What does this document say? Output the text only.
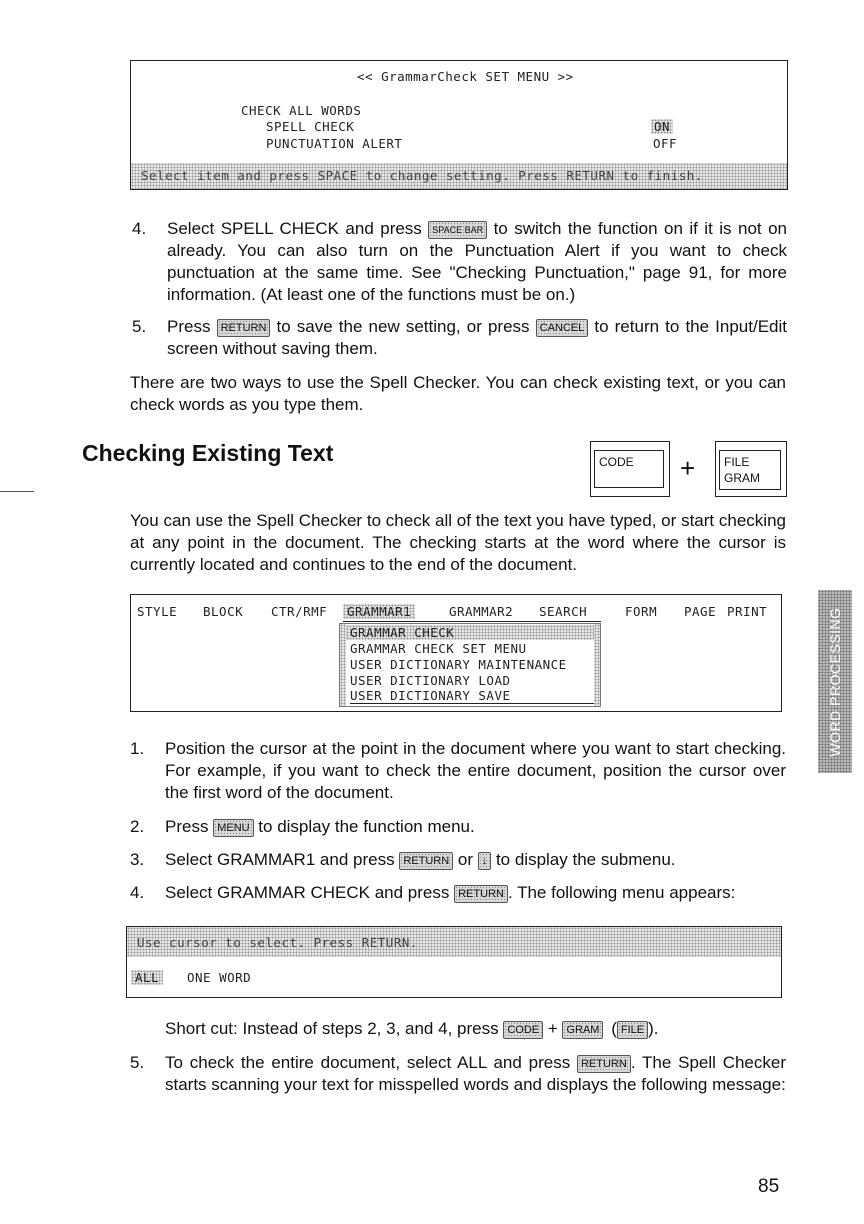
<< GrammarCheck SET MENU >>
CHECK ALL WORDS
SPELL CHECK	ON
PUNCTUATION ALERT	OFF
Select item and press SPACE to change setting. Press RETURN to finish.
4. Select SPELL CHECK and press SPACE BAR to switch the function on if it is not on already. You can also turn on the Punctuation Alert if you want to check punctuation at the same time. See "Checking Punctuation," page 91, for more information. (At least one of the functions must be on.)
5. Press RETURN to save the new setting, or press CANCEL to return to the Input/Edit screen without saving them.

There are two ways to use the Spell Checker. You can check existing text, or you can check words as you type them.

Checking Existing Text	CODE	+ FILE
GRAM

You can use the Spell Checker to check all of the text you have typed, or start checking at any point in the document. The checking starts at the word where the cursor is currently located and continues to the end of the document.

STYLE BLOCK CTR/RMF	GRAMMAR1	GRAMMAR2 SEARCH	FORM PAGE PRINT
GRAMMAR CHECK
GRAMMAR CHECK SET MENU
USER DICTIONARY MAINTENANCE
USER DICTIONARY LOAD
USER DICTIONARY SAVE	WORD PROCESSING
1. Position the cursor at the point in the document where you want to start checking. For example, if you want to check the entire document, position the cursor over the first word of the document.
2. Press MENU to display the function menu.
3. Select GRAMMAR1 and press RETURN or ↓ to display the submenu.
4. Select GRAMMAR CHECK and press RETURN . The following menu appears:
Use cursor to select. Press RETURN.
ALL	ONE WORD
Short cut: Instead of steps 2, 3, and 4, press CODE + GRAM ( FILE ).
5. To check the entire document, select ALL and press RETURN . The Spell Checker starts scanning your text for misspelled words and displays the following message:
85
